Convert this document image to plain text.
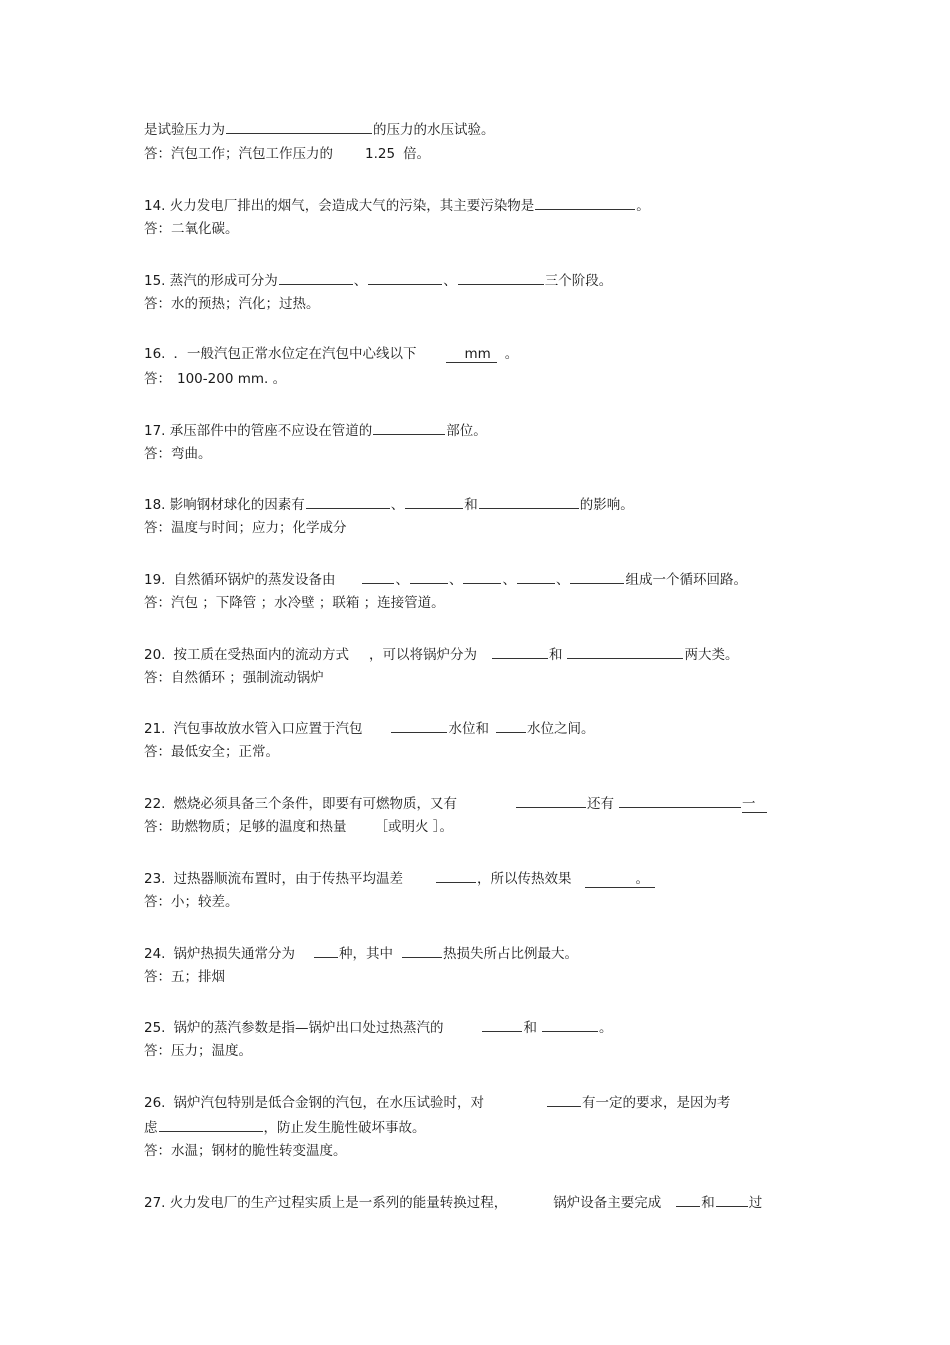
是试验压力为	的压力的水压试验。
答：汽包工作；汽包工作压力的 1.25 倍。
14. 火力发电厂排出的烟气，会造成大气的污染，其主要污染物是	。
答：二氧化碳。
15. 蒸汽的形成可分为	、	、	三个阶段。
答：水的预热；汽化；过热。
16. ．一般汽包正常水位定在汽包中心线以下	mm 。
答： 100-200 mm. 。
17. 承压部件中的管座不应设在管道的	部位。
答：弯曲。
18. 影响钢材球化的因素有	、	和	的影响。
答：温度与时间；应力；化学成分
19. 自然循环锅炉的蒸发设备由	、	、	、	、	组成一个循环回路。
答：汽包 ；下降管 ；水冷壁 ；联箱 ；连接管道。
20. 按工质在受热面内的流动方式 ，可以将锅炉分为	和	两大类。
答：自然循环 ；强制流动锅炉
21. 汽包事故放水管入口应置于汽包	水位和	水位之间。
答：最低安全；正常。
22. 燃烧必须具备三个条件，即要有可燃物质，又有	还有	一
答：助燃物质；足够的温度和热量 ［或明火 ］。
23. 过热器顺流布置时，由于传热平均温差	，所以传热效果	。
答：小；较差。
24. 锅炉热损失通常分为	种，其中	热损失所占比例最大。
答：五；排烟
25. 锅炉的蒸汽参数是指—锅炉出口处过热蒸汽的	和	。
答：压力；温度。
26. 锅炉汽包特别是低合金钢的汽包，在水压试验时，对	有一定的要求，是因为考
虑	，防止发生脆性破坏事故。
答：水温；钢材的脆性转变温度。
27. 火力发电厂的生产过程实质上是一系列的能量转换过程，	锅炉设备主要完成	和	过
